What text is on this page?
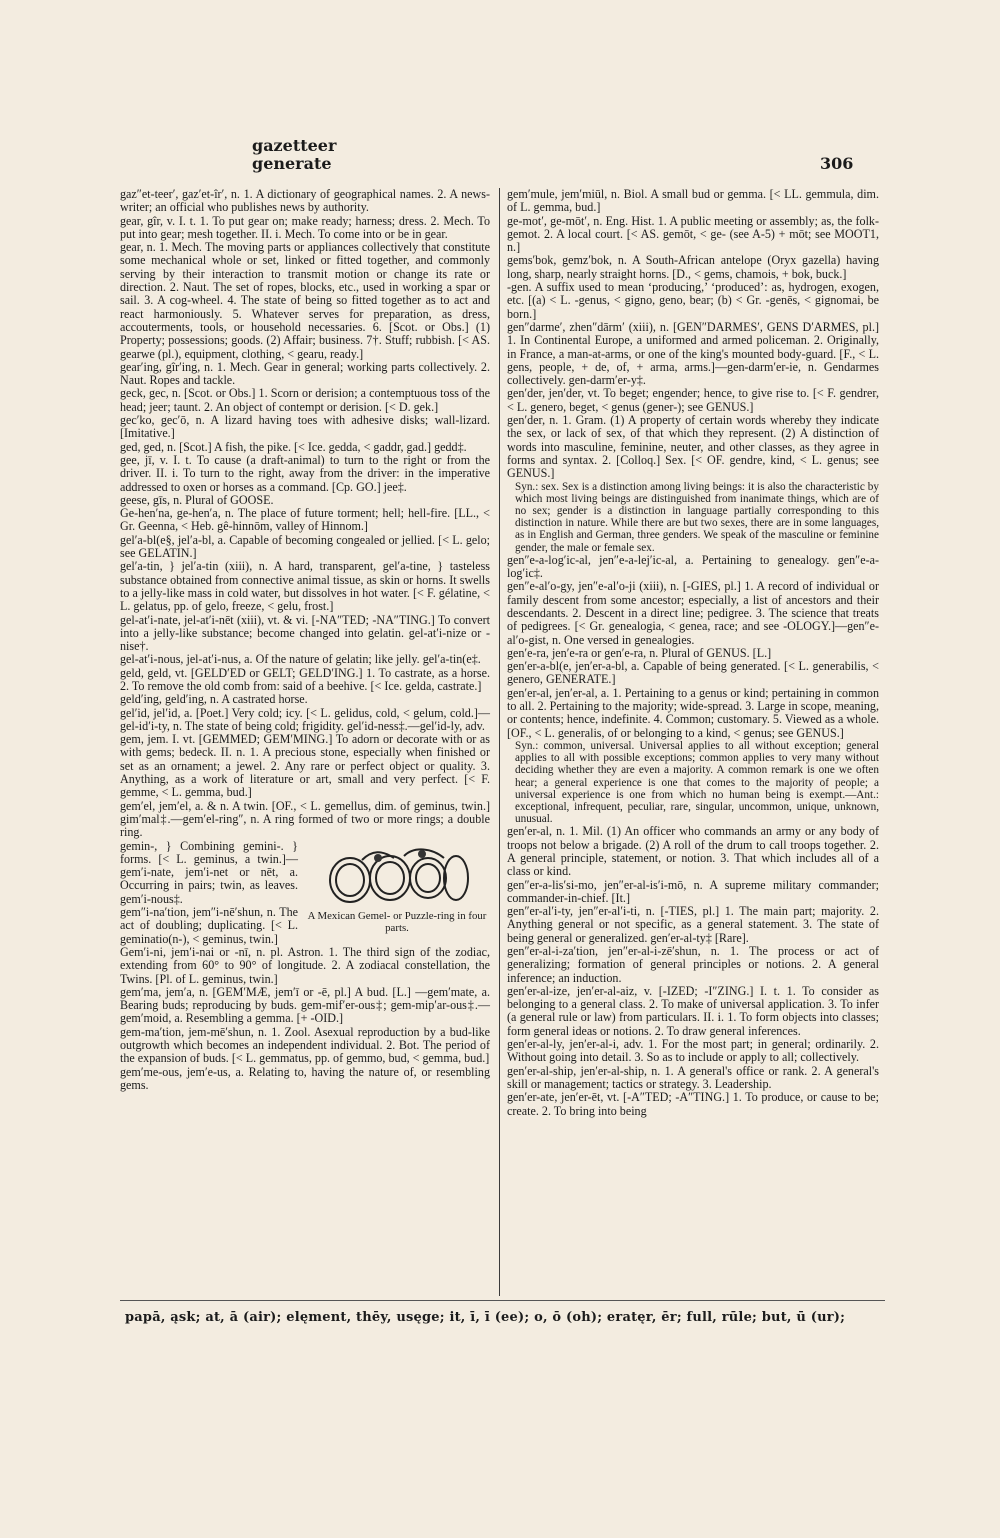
gazetteer
generate	306
gaz″et-teer′, gaz′et-îr′, n. 1. A dictionary of geographical names. 2. A news-writer; an official who publishes news by authority.
gear, gîr, v. I. t. 1. To put gear on; make ready; harness; dress. 2. Mech. To put into gear; mesh together. II. i. Mech. To come into or be in gear.
gear, n. 1. Mech. The moving parts or appliances collectively that constitute some mechanical whole or set, linked or fitted together, and commonly serving by their interaction to transmit motion or change its rate or direction. 2. Naut. The set of ropes, blocks, etc., used in working a spar or sail. 3. A cog-wheel. 4. The state of being so fitted together as to act and react harmoniously. 5. Whatever serves for preparation, as dress, accouterments, tools, or household necessaries. 6. [Scot. or Obs.] (1) Property; possessions; goods. (2) Affair; business. 7†. Stuff; rubbish. [< AS. gearwe (pl.), equipment, clothing, < gearu, ready.]
gear′ing, gîr′ing, n. 1. Mech. Gear in general; working parts collectively. 2. Naut. Ropes and tackle.
geck, gec, n. [Scot. or Obs.] 1. Scorn or derision; a contemptuous toss of the head; jeer; taunt. 2. An object of contempt or derision. [< D. gek.]
gec′ko, gec′ō, n. A lizard having toes with adhesive disks; wall-lizard. [Imitative.]
ged, ged, n. [Scot.] A fish, the pike. [< Ice. gedda, < gaddr, gad.] gedd‡.
gee, jī, v. I. t. To cause (a draft-animal) to turn to the right or from the driver. II. i. To turn to the right, away from the driver: in the imperative addressed to oxen or horses as a command. [Cp. GO.] jee‡.
geese, gīs, n. Plural of GOOSE.
Ge-hen′na, ge-hen′a, n. The place of future torment; hell; hell-fire. [LL., < Gr. Geenna, < Heb. gê-hinnōm, valley of Hinnom.]
gel′a-bl(e§, jel′a-bl, a. Capable of becoming congealed or jellied. [< L. gelo; see GELATIN.]
gel′a-tin, } jel′a-tin (xiii), n. A hard, transparent, gel′a-tine, } tasteless substance obtained from connective animal tissue, as skin or horns. It swells to a jelly-like mass in cold water, but dissolves in hot water. [< F. gélatine, < L. gelatus, pp. of gelo, freeze, < gelu, frost.]
gel-at′i-nate, jel-at′i-nēt (xiii), vt. & vi. [-NA″TED; -NA″TING.] To convert into a jelly-like substance; become changed into gelatin. gel-at′i-nize or -nise†.
gel-at′i-nous, jel-at′i-nus, a. Of the nature of gelatin; like jelly. gel′a-tin(e‡.
geld, geld, vt. [GELD′ED or GELT; GELD′ING.] 1. To castrate, as a horse. 2. To remove the old comb from: said of a beehive. [< Ice. gelda, castrate.]
geld′ing, geld′ing, n. A castrated horse.
gel′id, jel′id, a. [Poet.] Very cold; icy. [< L. gelidus, cold, < gelum, cold.]—gel-id′i-ty, n. The state of being cold; frigidity. gel′id-ness‡.—gel′id-ly, adv.
gem, jem. I. vt. [GEMMED; GEM′MING.] To adorn or decorate with or as with gems; bedeck. II. n. 1. A precious stone, especially when finished or set as an ornament; a jewel. 2. Any rare or perfect object or quality. 3. Anything, as a work of literature or art, small and very perfect. [< F. gemme, < L. gemma, bud.]
gem′el, jem′el, a. & n. A twin. [OF., < L. gemellus, dim. of geminus, twin.] gim′mal‡.—gem′el-ring″, n. A ring formed of two or more rings; a double ring.
A Mexican Gemel- or Puzzle-ring in four parts.
gemin-, } Combining gemini-. } forms. [< L. geminus, a twin.]—gem′i-nate, jem′i-net or nēt, a. Occurring in pairs; twin, as leaves. gem′i-nous‡.
gem″i-na′tion, jem″i-nē′shun, n. The act of doubling; duplicating. [< L. geminatio(n-), < geminus, twin.]
Gem′i-ni, jem′i-nai or -nī, n. pl. Astron. 1. The third sign of the zodiac, extending from 60° to 90° of longitude. 2. A zodiacal constellation, the Twins. [Pl. of L. geminus, twin.]
gem′ma, jem′a, n. [GEM′MÆ, jem′ī or -ē, pl.] A bud. [L.] —gem′mate, a. Bearing buds; reproducing by buds. gem-mif′er-ous‡; gem-mip′ar-ous‡.—gem′moid, a. Resembling a gemma. [+ -OID.]
gem-ma′tion, jem-mē′shun, n. 1. Zool. Asexual reproduction by a bud-like outgrowth which becomes an independent individual. 2. Bot. The period of the expansion of buds. [< L. gemmatus, pp. of gemmo, bud, < gemma, bud.]
gem′me-ous, jem′e-us, a. Relating to, having the nature of, or resembling gems.
gem′mule, jem′miūl, n. Biol. A small bud or gemma. [< LL. gemmula, dim. of L. gemma, bud.]
ge-mot′, ge-mōt′, n. Eng. Hist. 1. A public meeting or assembly; as, the folk-gemot. 2. A local court. [< AS. gemōt, < ge- (see A-5) + mōt; see MOOT1, n.]
gems′bok, gemz′bok, n. A South-African antelope (Oryx gazella) having long, sharp, nearly straight horns. [D., < gems, chamois, + bok, buck.]
-gen. A suffix used to mean ‘producing,’ ‘produced’: as, hydrogen, exogen, etc. [(a) < L. -genus, < gigno, geno, bear; (b) < Gr. -genēs, < gignomai, be born.]
gen″darme′, zhen″dārm′ (xiii), n. [GEN″DARMES′, GENS D′ARMES, pl.] 1. In Continental Europe, a uniformed and armed policeman. 2. Originally, in France, a man-at-arms, or one of the king's mounted body-guard. [F., < L. gens, people, + de, of, + arma, arms.]—gen-darm′er-ie, n. Gendarmes collectively. gen-darm′er-y‡.
gen′der, jen′der, vt. To beget; engender; hence, to give rise to. [< F. gendrer, < L. genero, beget, < genus (gener-); see GENUS.]
gen′der, n. 1. Gram. (1) A property of certain words whereby they indicate the sex, or lack of sex, of that which they represent. (2) A distinction of words into masculine, feminine, neuter, and other classes, as they agree in forms and syntax. 2. [Colloq.] Sex. [< OF. gendre, kind, < L. genus; see GENUS.]
Syn.: sex. Sex is a distinction among living beings: it is also the characteristic by which most living beings are distinguished from inanimate things, which are of no sex; gender is a distinction in language partially corresponding to this distinction in nature. While there are but two sexes, there are in some languages, as in English and German, three genders. We speak of the masculine or feminine gender, the male or female sex.
gen″e-a-log′ic-al, jen″e-a-lej′ic-al, a. Pertaining to genealogy. gen″e-a-log′ic‡.
gen″e-al′o-gy, jen″e-al′o-ji (xiii), n. [-GIES, pl.] 1. A record of individual or family descent from some ancestor; especially, a list of ancestors and their descendants. 2. Descent in a direct line; pedigree. 3. The science that treats of pedigrees. [< Gr. genealogia, < genea, race; and see -OLOGY.]—gen″e-al′o-gist, n. One versed in genealogies.
gen′e-ra, jen′e-ra or gen′e-ra, n. Plural of GENUS. [L.]
gen′er-a-bl(e, jen′er-a-bl, a. Capable of being generated. [< L. generabilis, < genero, GENERATE.]
gen′er-al, jen′er-al, a. 1. Pertaining to a genus or kind; pertaining in common to all. 2. Pertaining to the majority; wide-spread. 3. Large in scope, meaning, or contents; hence, indefinite. 4. Common; customary. 5. Viewed as a whole. [OF., < L. generalis, of or belonging to a kind, < genus; see GENUS.]
Syn.: common, universal. Universal applies to all without exception; general applies to all with possible exceptions; common applies to very many without deciding whether they are even a majority. A common remark is one we often hear; a general experience is one that comes to the majority of people; a universal experience is one from which no human being is exempt.—Ant.: exceptional, infrequent, peculiar, rare, singular, uncommon, unique, unknown, unusual.
gen′er-al, n. 1. Mil. (1) An officer who commands an army or any body of troops not below a brigade. (2) A roll of the drum to call troops together. 2. A general principle, statement, or notion. 3. That which includes all of a class or kind.
gen″er-a-lis′si-mo, jen″er-al-is′i-mō, n. A supreme military commander; commander-in-chief. [It.]
gen″er-al′i-ty, jen″er-al′i-ti, n. [-TIES, pl.] 1. The main part; majority. 2. Anything general or not specific, as a general statement. 3. The state of being general or generalized. gen′er-al-ty‡ [Rare].
gen″er-al-i-za′tion, jen″er-al-i-zē′shun, n. 1. The process or act of generalizing; formation of general principles or notions. 2. A general inference; an induction.
gen′er-al-ize, jen′er-al-aiz, v. [-IZED; -I″ZING.] I. t. 1. To consider as belonging to a general class. 2. To make of universal application. 3. To infer (a general rule or law) from particulars. II. i. 1. To form objects into classes; form general ideas or notions. 2. To draw general inferences.
gen′er-al-ly, jen′er-al-i, adv. 1. For the most part; in general; ordinarily. 2. Without going into detail. 3. So as to include or apply to all; collectively.
gen′er-al-ship, jen′er-al-ship, n. 1. A general's office or rank. 2. A general's skill or management; tactics or strategy. 3. Leadership.
gen′er-ate, jen′er-ēt, vt. [-A″TED; -A″TING.] 1. To produce, or cause to be; create. 2. To bring into being
papā, ąsk; at, ā (air); elęment, thēy, usęge; it, ī, ī (ee); o, ō (oh); eratęr, ēr; full, rūle; but, ū (ur);
